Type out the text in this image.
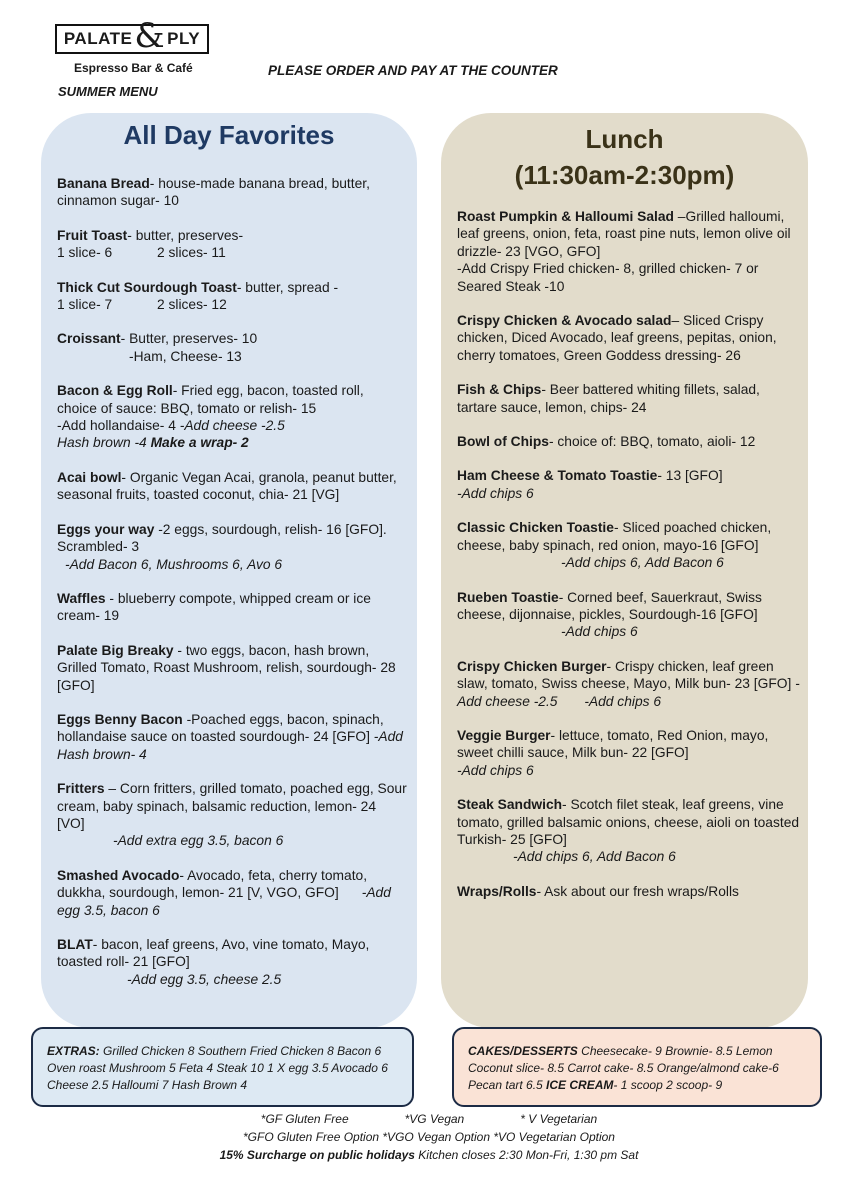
PALATE & PLY
Espresso Bar & Café
SUMMER MENU
PLEASE ORDER AND PAY AT THE COUNTER
All Day Favorites	Lunch
(11:30am-2:30pm)
Banana Bread- house-made banana bread, butter, cinnamon sugar- 10
Fruit Toast- butter, preserves-
1 slice- 6	2 slices- 11
Thick Cut Sourdough Toast- butter, spread -
1 slice- 7	2 slices- 12
Croissant- Butter, preserves- 10
-Ham, Cheese- 13
Bacon & Egg Roll- Fried egg, bacon, toasted roll, choice of sauce: BBQ, tomato or relish- 15
-Add hollandaise- 4 -Add cheese -2.5
Hash brown -4 Make a wrap- 2
Acai bowl- Organic Vegan Acai, granola, peanut butter, seasonal fruits, toasted coconut, chia- 21 [VG]
Eggs your way -2 eggs, sourdough, relish- 16 [GFO]. Scrambled- 3
-Add Bacon 6, Mushrooms 6, Avo 6
Waffles - blueberry compote, whipped cream or ice cream- 19
Palate Big Breaky - two eggs, bacon, hash brown, Grilled Tomato, Roast Mushroom, relish, sourdough- 28 [GFO]
Eggs Benny Bacon -Poached eggs, bacon, spinach, hollandaise sauce on toasted sourdough- 24 [GFO] -Add Hash brown- 4
Fritters – Corn fritters, grilled tomato, poached egg, Sour cream, baby spinach, balsamic reduction, lemon- 24 [VO]
-Add extra egg 3.5, bacon 6
Smashed Avocado- Avocado, feta, cherry tomato, dukkha, sourdough, lemon- 21 [V, VGO, GFO] -Add egg 3.5, bacon 6
BLAT- bacon, leaf greens, Avo, vine tomato, Mayo, toasted roll- 21 [GFO]
-Add egg 3.5, cheese 2.5
Roast Pumpkin & Halloumi Salad –Grilled halloumi, leaf greens, onion, feta, roast pine nuts, lemon olive oil drizzle- 23 [VGO, GFO]
-Add Crispy Fried chicken- 8, grilled chicken- 7 or Seared Steak -10
Crispy Chicken & Avocado salad– Sliced Crispy chicken, Diced Avocado, leaf greens, pepitas, onion, cherry tomatoes, Green Goddess dressing- 26
Fish & Chips- Beer battered whiting fillets, salad, tartare sauce, lemon, chips- 24
Bowl of Chips- choice of: BBQ, tomato, aioli- 12
Ham Cheese & Tomato Toastie- 13 [GFO]
-Add chips 6
Classic Chicken Toastie- Sliced poached chicken, cheese, baby spinach, red onion, mayo-16 [GFO]
-Add chips 6, Add Bacon 6
Rueben Toastie- Corned beef, Sauerkraut, Swiss cheese, dijonnaise, pickles, Sourdough-16 [GFO]
-Add chips 6
Crispy Chicken Burger- Crispy chicken, leaf green slaw, tomato, Swiss cheese, Mayo, Milk bun- 23 [GFO] -Add cheese -2.5 -Add chips 6
Veggie Burger- lettuce, tomato, Red Onion, mayo, sweet chilli sauce, Milk bun- 22 [GFO]
-Add chips 6
Steak Sandwich- Scotch filet steak, leaf greens, vine tomato, grilled balsamic onions, cheese, aioli on toasted Turkish- 25 [GFO]
-Add chips 6, Add Bacon 6
Wraps/Rolls- Ask about our fresh wraps/Rolls
EXTRAS: Grilled Chicken 8 Southern Fried Chicken 8 Bacon 6 Oven roast Mushroom 5 Feta 4 Steak 10 1 X egg 3.5 Avocado 6 Cheese 2.5 Halloumi 7 Hash Brown 4
CAKES/DESSERTS Cheesecake- 9 Brownie- 8.5 Lemon Coconut slice- 8.5 Carrot cake- 8.5 Orange/almond cake-6 Pecan tart 6.5 ICE CREAM- 1 scoop 2 scoop- 9
*GF Gluten Free	*VG Vegan	* V Vegetarian
*GFO Gluten Free Option *VGO Vegan Option *VO Vegetarian Option
15% Surcharge on public holidays Kitchen closes 2:30 Mon-Fri, 1:30 pm Sat
